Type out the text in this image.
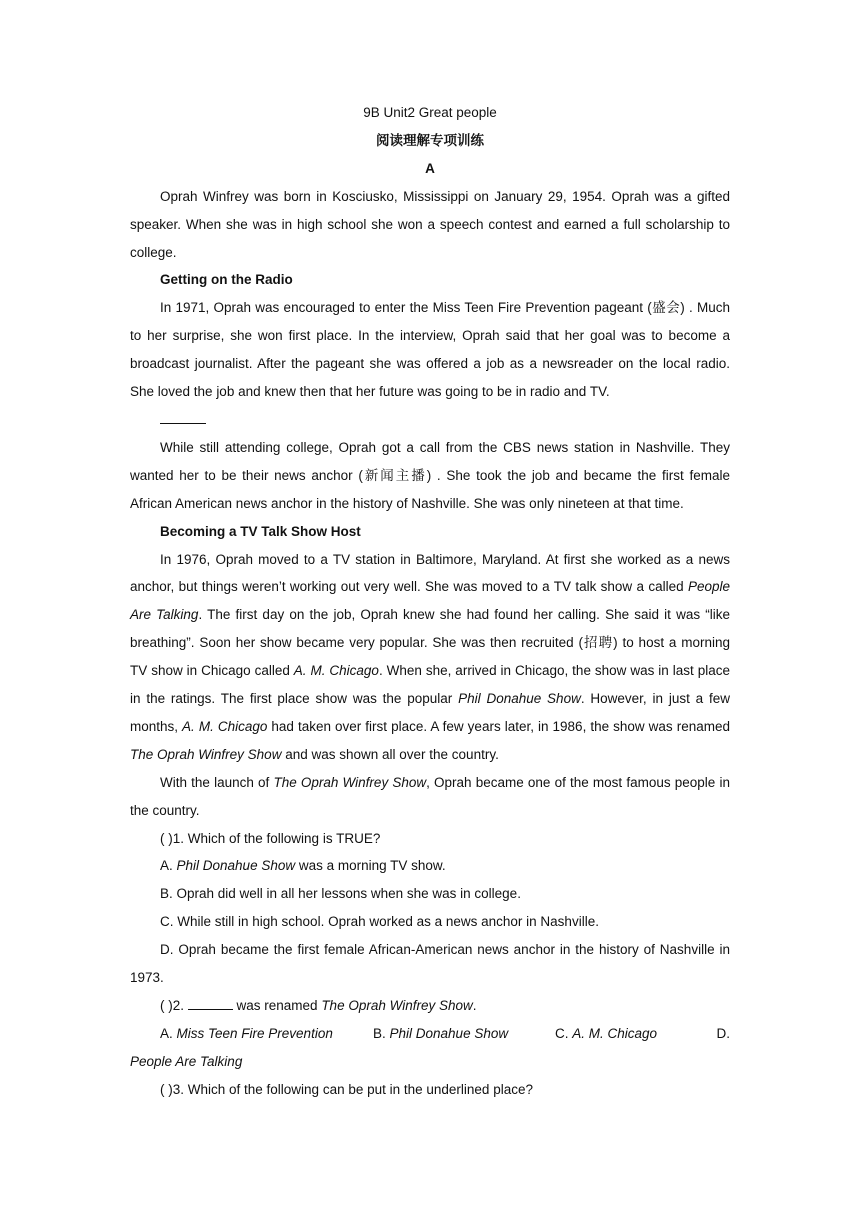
9B Unit2 Great people
阅读理解专项训练
A
Oprah Winfrey was born in Kosciusko, Mississippi on January 29, 1954. Oprah was a gifted speaker. When she was in high school she won a speech contest and earned a full scholarship to college.
Getting on the Radio
In 1971, Oprah was encouraged to enter the Miss Teen Fire Prevention pageant (盛会) . Much to her surprise, she won first place. In the interview, Oprah said that her goal was to become a broadcast journalist. After the pageant she was offered a job as a newsreader on the local radio. She loved the job and knew then that her future was going to be in radio and TV.
While still attending college, Oprah got a call from the CBS news station in Nashville. They wanted her to be their news anchor (新闻主播) . She took the job and became the first female African American news anchor in the history of Nashville. She was only nineteen at that time.
Becoming a TV Talk Show Host
In 1976, Oprah moved to a TV station in Baltimore, Maryland. At first she worked as a news anchor, but things weren’t working out very well. She was moved to a TV talk show a called People Are Talking. The first day on the job, Oprah knew she had found her calling. She said it was “like breathing”. Soon her show became very popular. She was then recruited (招聘) to host a morning TV show in Chicago called A. M. Chicago. When she, arrived in Chicago, the show was in last place in the ratings. The first place show was the popular Phil Donahue Show. However, in just a few months, A. M. Chicago had taken over first place. A few years later, in 1986, the show was renamed The Oprah Winfrey Show and was shown all over the country.
With the launch of The Oprah Winfrey Show, Oprah became one of the most famous people in the country.
( )1. Which of the following is TRUE?
A. Phil Donahue Show was a morning TV show.
B. Oprah did well in all her lessons when she was in college.
C. While still in high school. Oprah worked as a news anchor in Nashville.
D. Oprah became the first female African-American news anchor in the history of Nashville in 1973.
( )2.	was renamed The Oprah Winfrey Show.
A. Miss Teen Fire Prevention	B. Phil Donahue Show	C. A. M. Chicago	D.
People Are Talking
( )3. Which of the following can be put in the underlined place?
